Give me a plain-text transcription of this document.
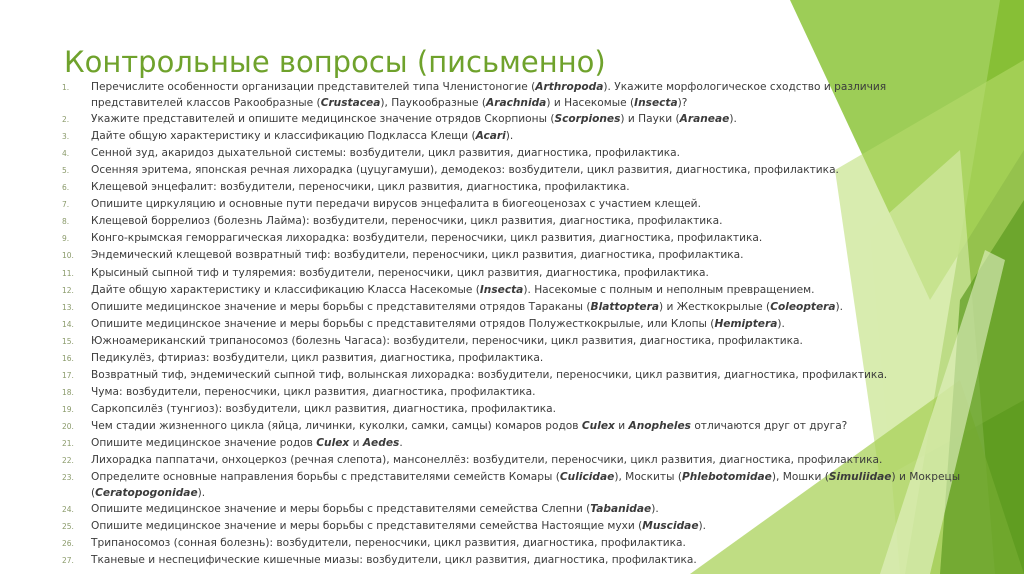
Контрольные вопросы (письменно)
1.	Перечислите особенности организации представителей типа Членистоногие (Arthropoda). Укажите морфологическое сходство и различия представителей классов Ракообразные (Crustacea), Паукообразные (Arachnida) и Насекомые (Insecta)?
2.	Укажите представителей и опишите медицинское значение отрядов Скорпионы (Scorpiones) и Пауки (Araneae).
3.	Дайте общую характеристику и классификацию Подкласса Клещи (Acari).
4.	Сенной зуд, акаридоз дыхательной системы: возбудители, цикл развития, диагностика, профилактика.
5.	Осенняя эритема, японская речная лихорадка (цуцугамуши), демодекоз: возбудители, цикл развития, диагностика, профилактика.
6.	Клещевой энцефалит: возбудители, переносчики, цикл развития, диагностика, профилактика.
7.	Опишите циркуляцию и основные пути передачи вирусов энцефалита в биогеоценозах с участием клещей.
8.	Клещевой боррелиоз (болезнь Лайма): возбудители, переносчики, цикл развития, диагностика, профилактика.
9.	Конго-крымская геморрагическая лихорадка: возбудители, переносчики, цикл развития, диагностика, профилактика.
10.	Эндемический клещевой возвратный тиф: возбудители, переносчики, цикл развития, диагностика, профилактика.
11.	Крысиный сыпной тиф и туляремия: возбудители, переносчики, цикл развития, диагностика, профилактика.
12.	Дайте общую характеристику и классификацию Класса Насекомые (Insecta). Насекомые с полным и неполным превращением.
13.	Опишите медицинское значение и меры борьбы с представителями отрядов Тараканы (Blattoptera) и Жесткокрылые (Coleoptera).
14.	Опишите медицинское значение и меры борьбы с представителями отрядов Полужесткокрылые, или Клопы (Hemiptera).
15.	Южноамериканский трипаносомоз (болезнь Чагаса): возбудители, переносчики, цикл развития, диагностика, профилактика.
16.	Педикулёз, фтириаз: возбудители, цикл развития, диагностика, профилактика.
17.	Возвратный тиф, эндемический сыпной тиф, волынская лихорадка: возбудители, переносчики, цикл развития, диагностика, профилактика.
18.	Чума: возбудители, переносчики, цикл развития, диагностика, профилактика.
19.	Саркопсилёз (тунгиоз): возбудители, цикл развития, диагностика, профилактика.
20.	Чем стадии жизненного цикла (яйца, личинки, куколки, самки, самцы) комаров родов Culex и Anopheles отличаются друг от друга?
21.	Опишите медицинское значение родов Culex и Aedes.
22.	Лихорадка паппатачи, онхоцеркоз (речная слепота), мансонеллёз: возбудители, переносчики, цикл развития, диагностика, профилактика.
23.	Определите основные направления борьбы с представителями семейств Комары (Culicidae), Москиты (Phlebotomidae), Мошки (Simuliidae) и Мокрецы (Ceratopogonidae).
24.	Опишите медицинское значение и меры борьбы с представителями семейства Слепни (Tabanidae).
25.	Опишите медицинское значение и меры борьбы с представителями семейства Настоящие мухи (Muscidae).
26.	Трипаносомоз (сонная болезнь): возбудители, переносчики, цикл развития, диагностика, профилактика.
27.	Тканевые и неспецифические кишечные миазы: возбудители, цикл развития, диагностика, профилактика.
